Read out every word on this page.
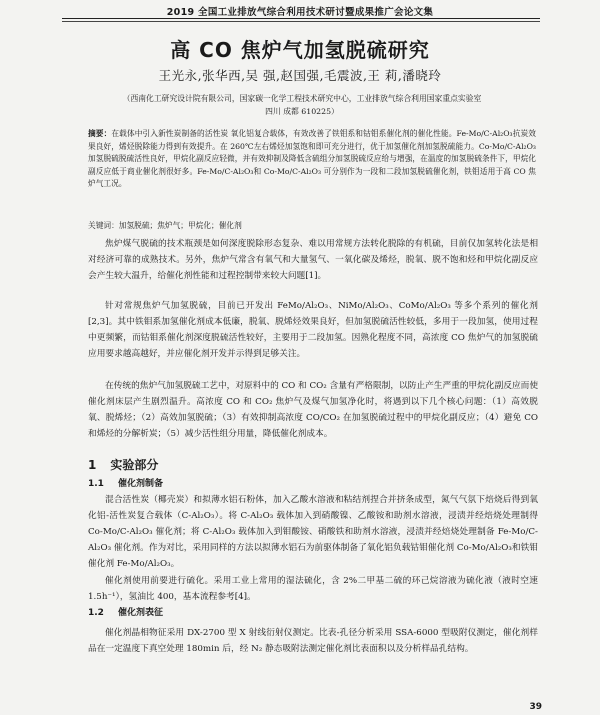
2019 全国工业排放气综合利用技术研讨暨成果推广会论文集
高 CO 焦炉气加氢脱硫研究
王光永,张华西,吴 强,赵国强,毛震波,王 莉,潘晓玲
（西南化工研究设计院有限公司，国家碳一化学工程技术研究中心，工业排放气综合利用国家重点实验室
四川 成都 610225）
摘要：在载体中引入新性炭制备的活性炭 氧化铝复合载体，有效改善了铁钼系和钴钼系催化剂的催化性能。Fe-Mo/C-Al₂O₃抗炭效果良好，烯烃脱除能力得到有效提升。在 260℃左右烯烃加氢饱和即可充分进行，优于加氢催化剂加氢脱硫能力。Co-Mo/C-Al₂O₃ 加氢脱硫脱硫活性良好，甲烷化副反应轻微，并有效抑制及降低含硫组分加氢脱硫反应给与增强，在温度的加氢脱硫条件下，甲烷化副反应低于商业催化剂很好多。Fe-Mo/C-Al₂O₃和 Co-Mo/C-Al₂O₃ 可分别作为一段和二段加氢脱硫催化剂，铁钼适用于高 CO 焦炉气工况。
关键词：加氢脱硫；焦炉气；甲烷化；催化剂
焦炉煤气脱硫的技术瓶颈是如何深度脱除形态复杂、难以用常规方法转化脱除的有机硫，目前仅加氢转化法是相对经济可靠的成熟技术。另外，焦炉气常含有氧气和大量氢气、一氧化碳及烯烃，脱氧、脱不饱和烃和甲烷化副反应会产生较大温升，给催化剂性能和过程控制带来较大问题[1]。
针对常规焦炉气加氢脱硫，目前已开发出 FeMo/Al₂O₃、NiMo/Al₂O₃、CoMo/Al₂O₃ 等多个系列的催化剂[2,3]。其中铁钼系加氢催化剂成本低廉，脱氧、脱烯烃效果良好，但加氢脱硫活性较低，多用于一段加氢，使用过程中更频繁，而钴钼系催化剂深度脱硫活性较好，主要用于二段加氢。因熟化程度不同，高浓度 CO 焦炉气的加氢脱硫应用要求越高越好，并应催化剂开发并示得到足够关注。
在传统的焦炉气加氢脱硫工艺中，对原料中的 CO 和 CO₂ 含量有严格限制，以防止产生严重的甲烷化副反应而使催化剂床层产生剧烈温升。高浓度 CO 和 CO₂ 焦炉气及煤气加氢净化时，将遇到以下几个核心问题：（1）高效脱氧、脱烯烃；（2）高效加氢脱硫；（3）有效抑制高浓度 CO/CO₂ 在加氢脱硫过程中的甲烷化副反应；（4）避免 CO 和烯烃的分解析炭；（5）减少活性组分用量，降低催化剂成本。
1 实验部分
1.1 催化剂制备
混合活性炭（椰壳炭）和拟薄水铝石粉体，加入乙酸水溶液和粘结剂捏合并挤条成型，氮气气氛下焙烧后得到氧化铝-活性炭复合载体（C-Al₂O₃）。将 C-Al₂O₃ 载体加入到硝酸镍、乙酸铵和助剂水溶液，浸渍并经焙烧处理制得 Co-Mo/C-Al₂O₃ 催化剂；将 C-Al₂O₃ 载体加入到钼酸铵、硝酸铁和助剂水溶液，浸渍并经焙烧处理制备 Fe-Mo/C-Al₂O₃ 催化剂。作为对比，采用同样的方法以拟薄水铝石为前驱体制备了氧化铝负载钴钼催化剂 Co-Mo/Al₂O₃和铁钼催化剂 Fe-Mo/Al₂O₃。
催化剂使用前要进行硫化。采用工业上常用的湿法硫化，含 2%二甲基二硫的环己烷溶液为硫化液（液时空速 1.5h⁻¹），氢油比 400，基本流程参考[4]。
1.2 催化剂表征
催化剂晶相物征采用 DX-2700 型 X 射线衍射仪测定。比表-孔径分析采用 SSA-6000 型吸附仪测定，催化剂样品在一定温度下真空处理 180min 后，经 N₂ 静态吸附法测定催化剂比表面积以及分析样品孔结构。
39
